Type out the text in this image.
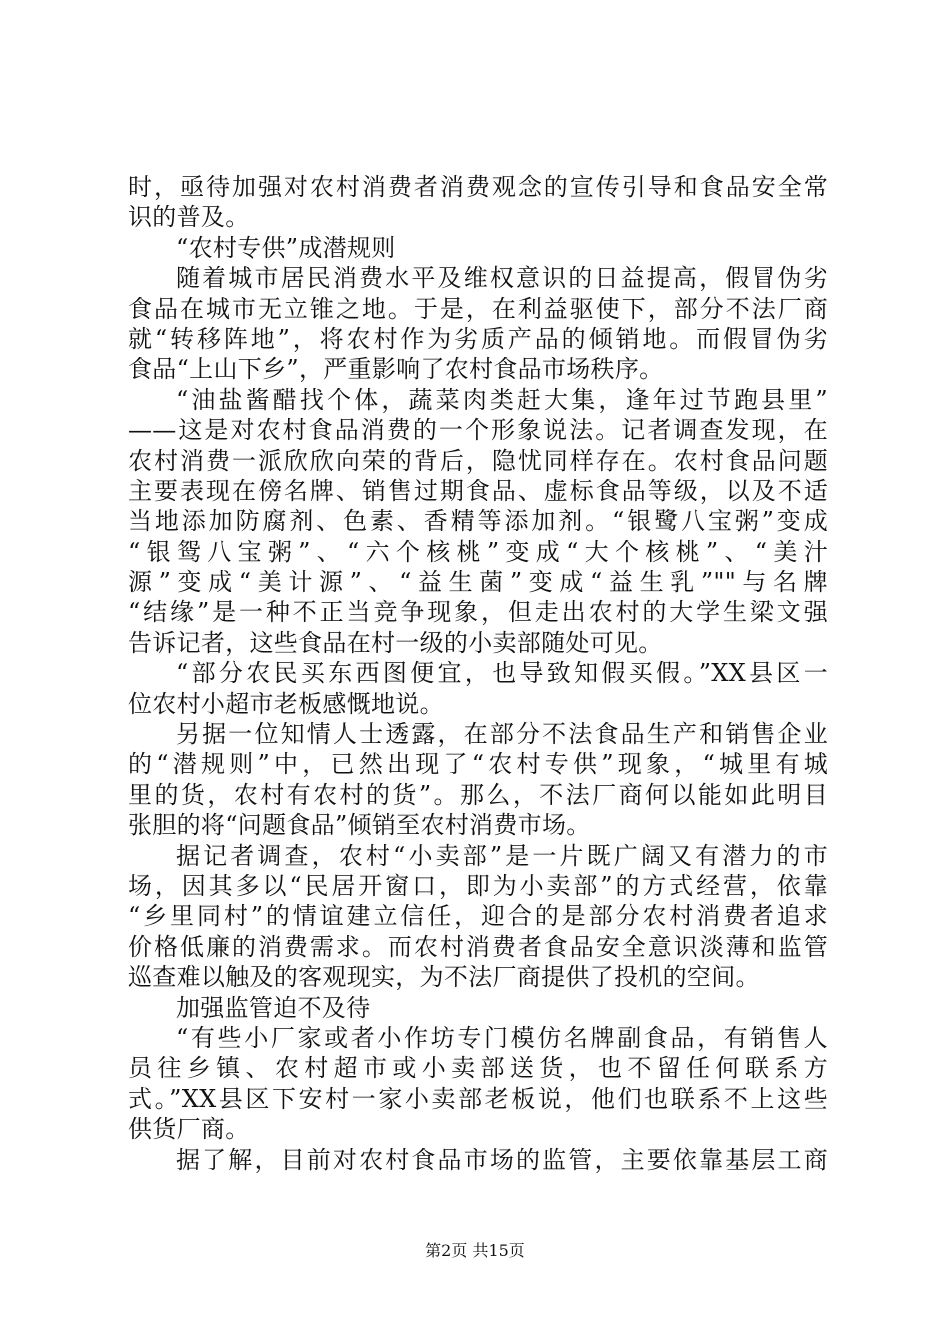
时，亟待加强对农村消费者消费观念的宣传引导和食品安全常
识的普及。
“农村专供”成潜规则
随着城市居民消费水平及维权意识的日益提高，假冒伪劣
食品在城市无立锥之地。于是，在利益驱使下，部分不法厂商
就“转移阵地”，将农村作为劣质产品的倾销地。而假冒伪劣
食品“上山下乡”，严重影响了农村食品市场秩序。
“油盐酱醋找个体，蔬菜肉类赶大集，逢年过节跑县里”
——这是对农村食品消费的一个形象说法。记者调查发现，在
农村消费一派欣欣向荣的背后，隐忧同样存在。农村食品问题
主要表现在傍名牌、销售过期食品、虚标食品等级，以及不适
当地添加防腐剂、色素、香精等添加剂。“银鹭八宝粥”变成
“银鸳八宝粥”、“六个核桃”变成“大个核桃”、“美汁
源”变成“美计源”、“益生菌”变成“益生乳”""与名牌
“结缘”是一种不正当竞争现象，但走出农村的大学生梁文强
告诉记者，这些食品在村一级的小卖部随处可见。
“部分农民买东西图便宜，也导致知假买假。”XX县区一
位农村小超市老板感慨地说。
另据一位知情人士透露，在部分不法食品生产和销售企业
的“潜规则”中，已然出现了“农村专供”现象，“城里有城
里的货，农村有农村的货”。那么，不法厂商何以能如此明目
张胆的将“问题食品”倾销至农村消费市场。
据记者调查，农村“小卖部”是一片既广阔又有潜力的市
场，因其多以“民居开窗口，即为小卖部”的方式经营，依靠
“乡里同村”的情谊建立信任，迎合的是部分农村消费者追求
价格低廉的消费需求。而农村消费者食品安全意识淡薄和监管
巡查难以触及的客观现实，为不法厂商提供了投机的空间。
加强监管迫不及待
“有些小厂家或者小作坊专门模仿名牌副食品，有销售人
员往乡镇、农村超市或小卖部送货，也不留任何联系方
式。”XX县区下安村一家小卖部老板说，他们也联系不上这些
供货厂商。
据了解，目前对农村食品市场的监管，主要依靠基层工商
第2页 共15页
